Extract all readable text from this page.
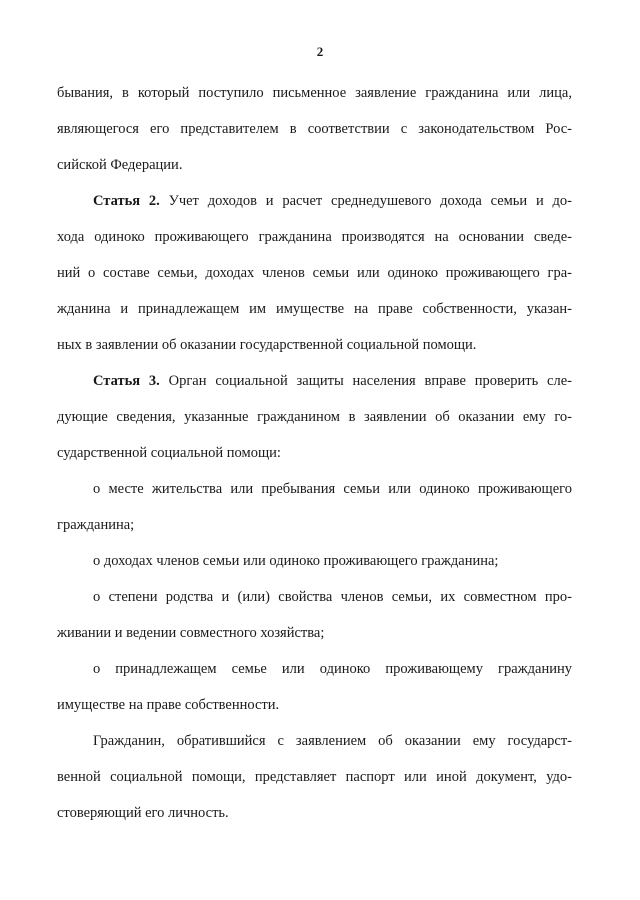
2
бывания, в который поступило письменное заявление гражданина или лица,
являющегося его представителем в соответствии с законодательством Рос-
сийской Федерации.
Статья 2. Учет доходов и расчет среднедушевого дохода семьи и до-
хода одиноко проживающего гражданина производятся на основании сведе-
ний о составе семьи, доходах членов семьи или одиноко проживающего гра-
жданина и принадлежащем им имуществе на праве собственности, указан-
ных в заявлении об оказании государственной социальной помощи.
Статья 3. Орган социальной защиты населения вправе проверить сле-
дующие сведения, указанные гражданином в заявлении об оказании ему го-
сударственной социальной помощи:
о месте жительства или пребывания семьи или одиноко проживающего
гражданина;
о доходах членов семьи или одиноко проживающего гражданина;
о степени родства и (или) свойства членов семьи, их совместном про-
живании и ведении совместного хозяйства;
о принадлежащем семье или одиноко проживающему гражданину
имуществе на праве собственности.
Гражданин, обратившийся с заявлением об оказании ему государст-
венной социальной помощи, представляет паспорт или иной документ, удо-
стоверяющий его личность.
